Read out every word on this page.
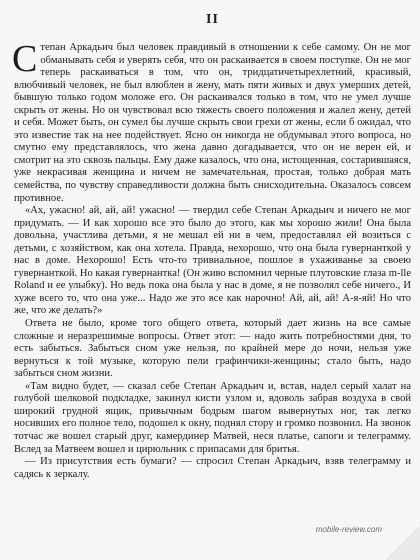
II

Степан Аркадьич был человек правдивый в отношении к себе самому. Он не мог обманывать себя и уверять себя, что он раскаивается в своем поступке. Он не мог теперь раскаиваться в том, что он, тридцатичетырехлетний, красивый, влюбчивый человек, не был влюблен в жену, мать пяти живых и двух умерших детей, бывшую только годом моложе его. Он раскаивался только в том, что не умел лучше скрыть от жены. Но он чувствовал всю тяжесть своего положения и жалел жену, детей и себя. Может быть, он сумел бы лучше скрыть свои грехи от жены, если б ожидал, что это известие так на нее подействует. Ясно он никогда не обдумывал этого вопроса, но смутно ему представлялось, что жена давно догадывается, что он не верен ей, и смотрит на это сквозь пальцы. Ему даже казалось, что она, истощенная, состарившаяся, уже некрасивая женщина и ничем не замечательная, простая, только добрая мать семейства, по чувству справедливости должна быть снисходительна. Оказалось совсем противное.

«Ах, ужасно! ай, ай, ай! ужасно! — твердил себе Степан Аркадьич и ничего не мог придумать. — И как хорошо все это было до этого, как мы хорошо жили! Она была довольна, участлива детьми, я не мешал ей ни в чем, предоставлял ей возиться с детьми, с хозяйством, как она хотела. Правда, нехорошо, что она была гувернанткой у нас в доме. Нехорошо! Есть что-то тривиальное, пошлое в ухаживанье за своею гувернанткой. Но какая гувернантка! (Он живо вспомнил черные плутовские глаза m-lle Roland и ее улыбку). Но ведь пока она была у нас в доме, я не позволял себе ничего., И хуже всего то, что она уже... Надо же это все как нарочно! Ай, ай, ай! А-я-яй! Но что же, что же делать?»

Ответа не было, кроме того общего ответа, который дает жизнь на все самые сложные и неразрешимые вопросы. Ответ этот: — надо жить потребностями дня, то есть забыться. Забыться сном уже нельзя, по крайней мере до ночи, нельзя уже вернуться к той музыке, которую пели графинчики-женщины; стало быть, надо забыться сном жизни.

«Там видно будет, — сказал себе Степан Аркадьич и, встав, надел серый халат на голубой шелковой подкладке, закинул кисти узлом и, вдоволь забрав воздуха в свой широкий грудной ящик, привычным бодрым шагом вывернутых ног, так легко носивших его полное тело, подошел к окну, поднял стору и громко позвонил. На звонок тотчас же вошел старый друг, камердинер Матвей, неся платье, сапоги и телеграмму. Вслед за Матвеем вошел и цирюльник с припасами для бритья.

— Из присутствия есть бумаги? — спросил Степан Аркадьич, взяв телеграмму и садясь к зеркалу.

mobile-review.com
